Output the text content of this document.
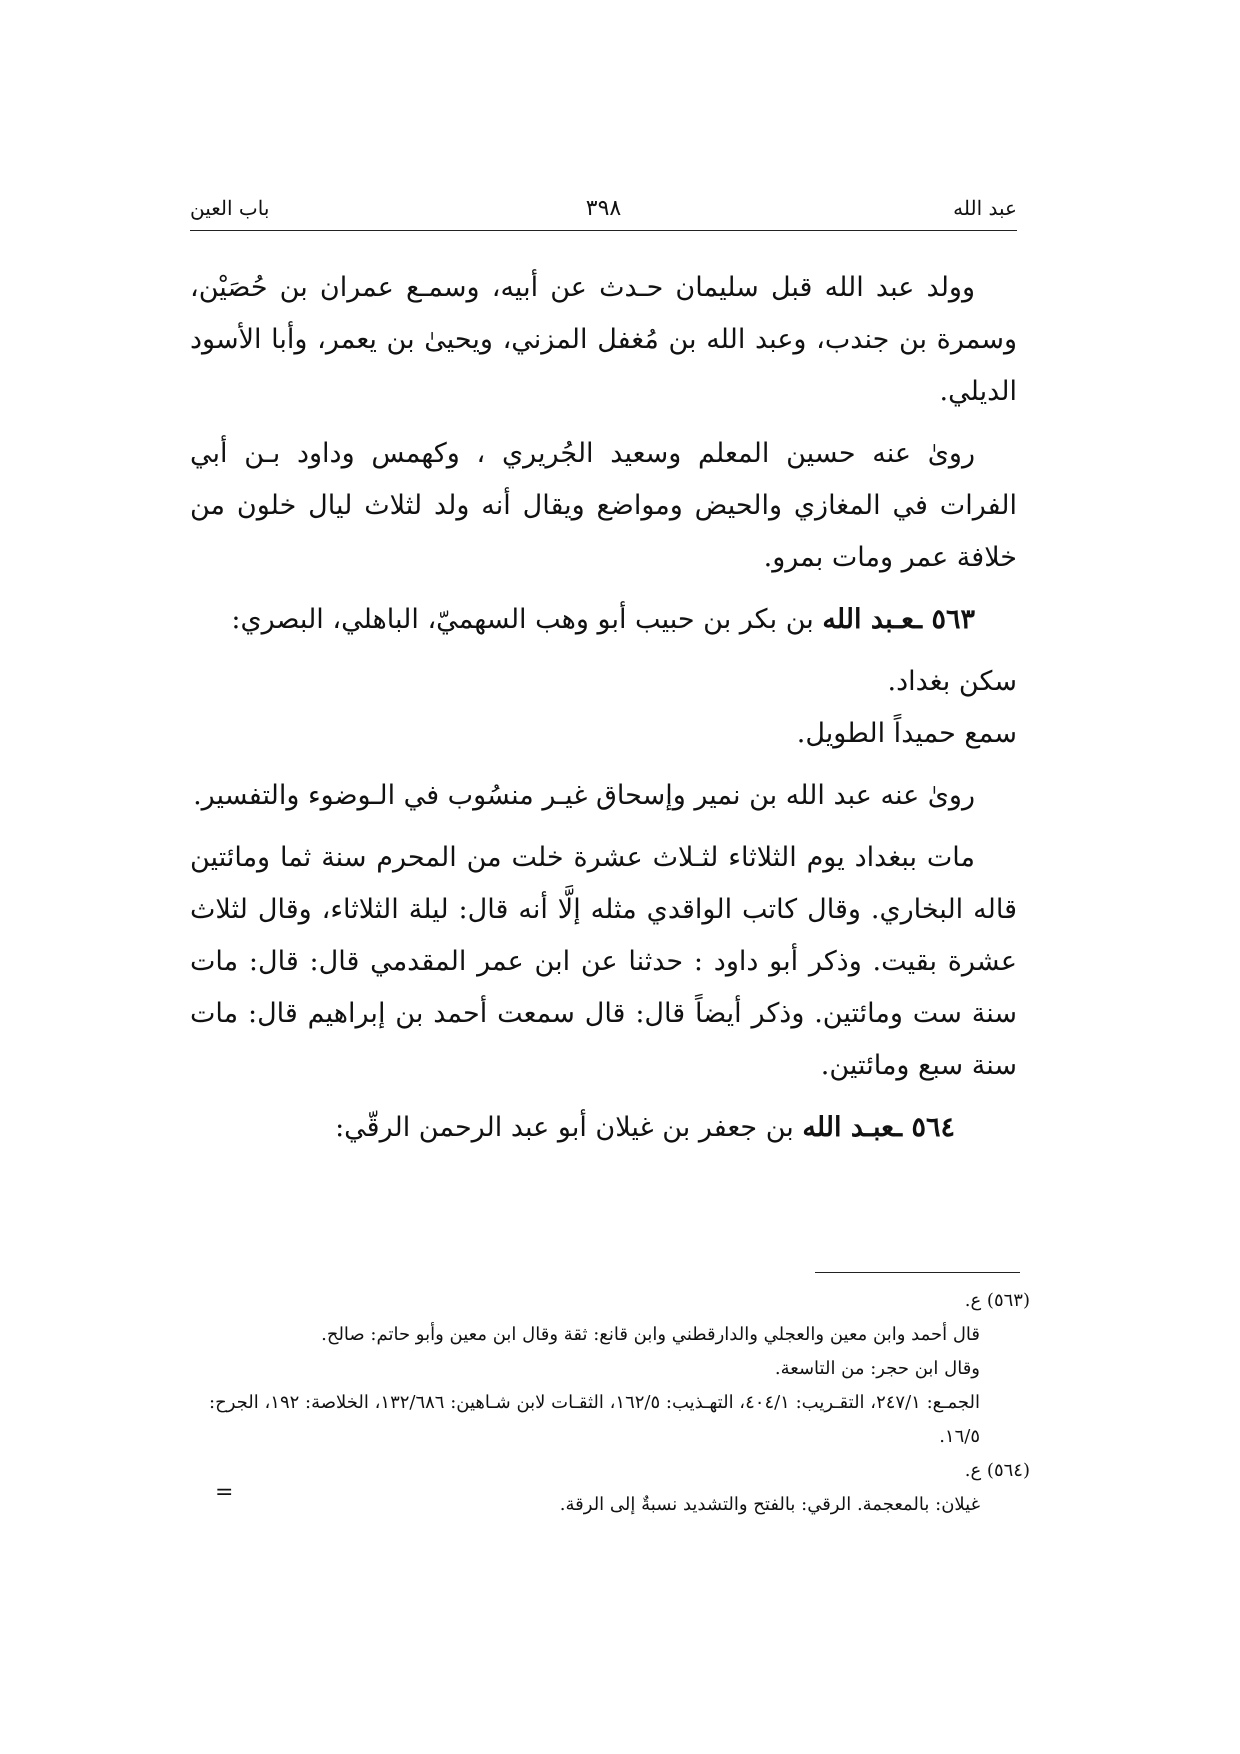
عبد الله
٣٩٨
باب العين

وولد عبد الله قبل سليمان حـدث عن أبيه، وسمـع عمران بن حُصَيْن، وسمرة بن جندب، وعبد الله بن مُغفل المزني، ويحيىٰ بن يعمر، وأبا الأسود الديلي.

رویٰ عنه حسين المعلم وسعيد الجُريري ، وكهمس وداود بـن أبي الفرات في المغازي والحيض ومواضع ويقال أنه ولد لثلاث ليال خلون من خلافة عمر ومات بمرو.

٥٦٣ ـعـبد الله بن بكر بن حبيب أبو وهب السهميّ، الباهلي، البصري:

سكن بغداد.

سمع حميداً الطويل.

رویٰ عنه عبد الله بن نمير وإسحاق غيـر منسُوب في الـوضوء والتفسير.

مات ببغداد يوم الثلاثاء لثـلاث عشرة خلت من المحرم سنة ثما ومائتين قاله البخاري. وقال كاتب الواقدي مثله إلَّا أنه قال: ليلة الثلاثاء، وقال لثلاث عشرة بقيت. وذكر أبو داود : حدثنا عن ابن عمر المقدمي قال: قال: مات سنة ست ومائتين. وذكر أيضاً قال: قال سمعت أحمد بن إبراهيم قال: مات سنة سبع ومائتين.

٥٦٤ ـعبـد الله بن جعفر بن غيلان أبو عبد الرحمن الرقّي:

(٥٦٣) ع.

قال أحمد وابن معين والعجلي والدارقطني وابن قانع: ثقة وقال ابن معين وأبو حاتم: صالح.

وقال ابن حجر: من التاسعة.

الجمـع: ٢٤٧/١، التقـريب: ٤٠٤/١، التهـذيب: ١٦٢/٥، الثقـات لابن شـاهين: ١٣٢/٦٨٦، الخلاصة: ١٩٢، الجرح: ١٦/٥.

(٥٦٤) ع.

غيلان: بالمعجمة. الرقي: بالفتح والتشديد نسبةٌ إلى الرقة.

=
